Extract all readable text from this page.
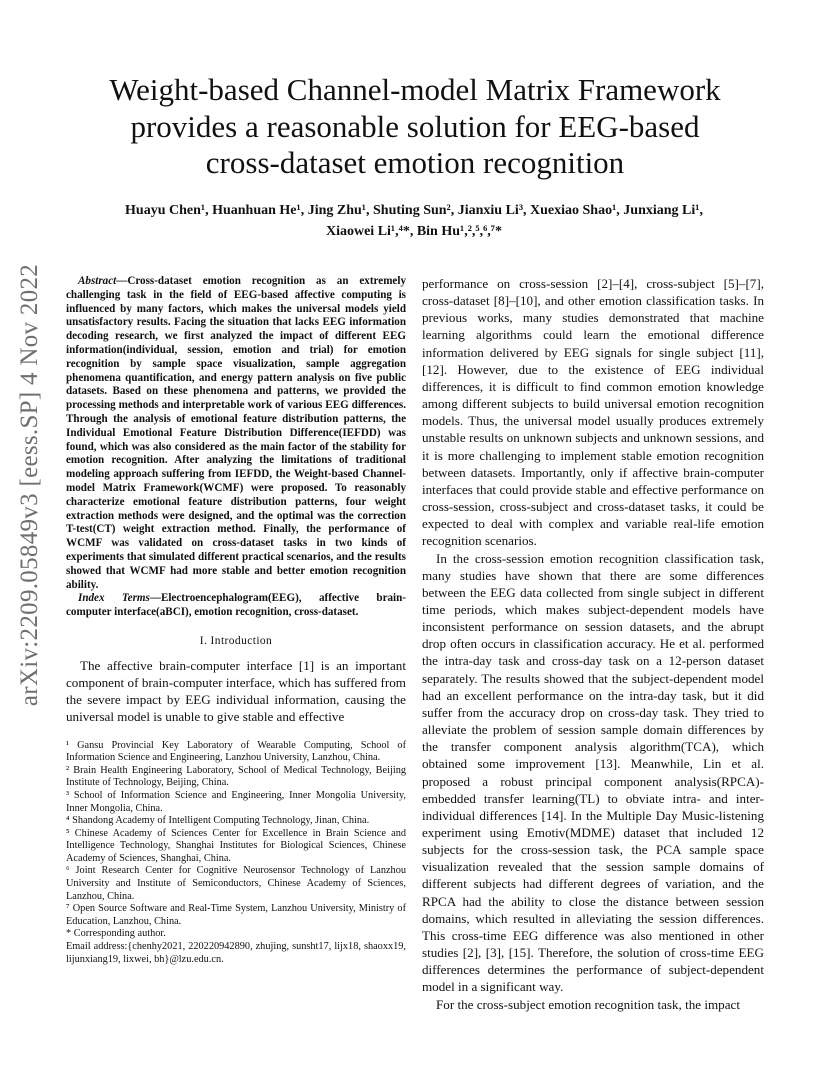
arXiv:2209.05849v3 [eess.SP] 4 Nov 2022
Weight-based Channel-model Matrix Framework
provides a reasonable solution for EEG-based
cross-dataset emotion recognition
Huayu Chen¹, Huanhuan He¹, Jing Zhu¹, Shuting Sun², Jianxiu Li³, Xuexiao Shao¹, Junxiang Li¹,
Xiaowei Li¹,⁴*, Bin Hu¹,²,⁵,⁶,⁷*

Abstract—Cross-dataset emotion recognition as an extremely challenging task in the field of EEG-based affective computing is influenced by many factors, which makes the universal models yield unsatisfactory results. Facing the situation that lacks EEG information decoding research, we first analyzed the impact of different EEG information(individual, session, emotion and trial) for emotion recognition by sample space visualization, sample aggregation phenomena quantification, and energy pattern analysis on five public datasets. Based on these phenomena and patterns, we provided the processing methods and interpretable work of various EEG differences. Through the analysis of emotional feature distribution patterns, the Individual Emotional Feature Distribution Difference(IEFDD) was found, which was also considered as the main factor of the stability for emotion recognition. After analyzing the limitations of traditional modeling approach suffering from IEFDD, the Weight-based Channel-model Matrix Framework(WCMF) were proposed. To reasonably characterize emotional feature distribution patterns, four weight extraction methods were designed, and the optimal was the correction T-test(CT) weight extraction method. Finally, the performance of WCMF was validated on cross-dataset tasks in two kinds of experiments that simulated different practical scenarios, and the results showed that WCMF had more stable and better emotion recognition ability.

Index Terms—Electroencephalogram(EEG), affective brain-computer interface(aBCI), emotion recognition, cross-dataset.

I. Introduction

The affective brain-computer interface [1] is an important component of brain-computer interface, which has suffered from the severe impact by EEG individual information, causing the universal model is unable to give stable and effective

¹ Gansu Provincial Key Laboratory of Wearable Computing, School of Information Science and Engineering, Lanzhou University, Lanzhou, China.

² Brain Health Engineering Laboratory, School of Medical Technology, Beijing Institute of Technology, Beijing, China.

³ School of Information Science and Engineering, Inner Mongolia University, Inner Mongolia, China.

⁴ Shandong Academy of Intelligent Computing Technology, Jinan, China.

⁵ Chinese Academy of Sciences Center for Excellence in Brain Science and Intelligence Technology, Shanghai Institutes for Biological Sciences, Chinese Academy of Sciences, Shanghai, China.

⁶ Joint Research Center for Cognitive Neurosensor Technology of Lanzhou University and Institute of Semiconductors, Chinese Academy of Sciences, Lanzhou, China.

⁷ Open Source Software and Real-Time System, Lanzhou University, Ministry of Education, Lanzhou, China.

* Corresponding author.

Email address:{chenhy2021, 220220942890, zhujing, sunsht17, lijx18, shaoxx19, lijunxiang19, lixwei, bh}@lzu.edu.cn.

performance on cross-session [2]–[4], cross-subject [5]–[7], cross-dataset [8]–[10], and other emotion classification tasks. In previous works, many studies demonstrated that machine learning algorithms could learn the emotional difference information delivered by EEG signals for single subject [11], [12]. However, due to the existence of EEG individual differences, it is difficult to find common emotion knowledge among different subjects to build universal emotion recognition models. Thus, the universal model usually produces extremely unstable results on unknown subjects and unknown sessions, and it is more challenging to implement stable emotion recognition between datasets. Importantly, only if affective brain-computer interfaces that could provide stable and effective performance on cross-session, cross-subject and cross-dataset tasks, it could be expected to deal with complex and variable real-life emotion recognition scenarios.

In the cross-session emotion recognition classification task, many studies have shown that there are some differences between the EEG data collected from single subject in different time periods, which makes subject-dependent models have inconsistent performance on session datasets, and the abrupt drop often occurs in classification accuracy. He et al. performed the intra-day task and cross-day task on a 12-person dataset separately. The results showed that the subject-dependent model had an excellent performance on the intra-day task, but it did suffer from the accuracy drop on cross-day task. They tried to alleviate the problem of session sample domain differences by the transfer component analysis algorithm(TCA), which obtained some improvement [13]. Meanwhile, Lin et al. proposed a robust principal component analysis(RPCA)-embedded transfer learning(TL) to obviate intra- and inter-individual differences [14]. In the Multiple Day Music-listening experiment using Emotiv(MDME) dataset that included 12 subjects for the cross-session task, the PCA sample space visualization revealed that the session sample domains of different subjects had different degrees of variation, and the RPCA had the ability to close the distance between session domains, which resulted in alleviating the session differences. This cross-time EEG difference was also mentioned in other studies [2], [3], [15]. Therefore, the solution of cross-time EEG differences determines the performance of subject-dependent model in a significant way.

For the cross-subject emotion recognition task, the impact
